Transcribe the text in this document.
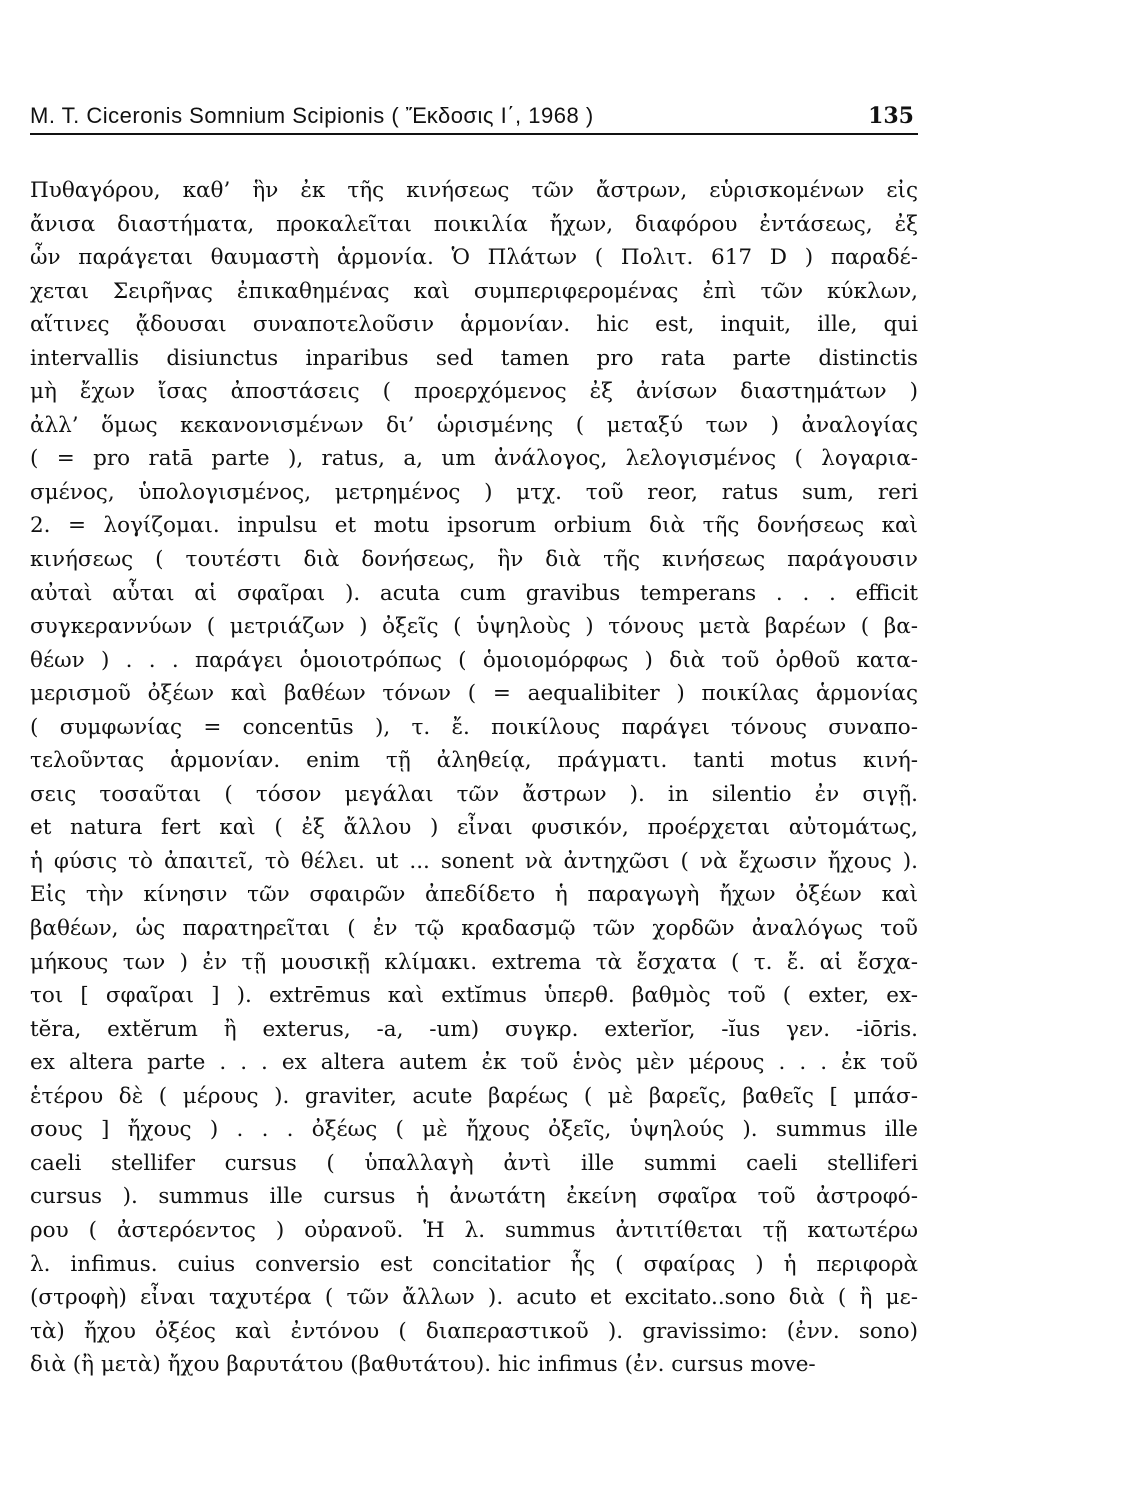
M. T. Ciceronis Somnium Scipionis ( Ἔκδοσις Ι΄, 1968 )	135
Πυθαγόρου, καθ’ ἣν ἐκ τῆς κινήσεως τῶν ἄστρων, εὑρισκομένων εἰς
ἄνισα διαστήματα, προκαλεῖται ποικιλία ἤχων, διαφόρου ἐντάσεως, ἐξ
ὧν παράγεται θαυμαστὴ ἁρμονία. Ὁ Πλάτων ( Πολιτ. 617 D ) παραδέ-
χεται Σειρῆνας ἐπικαθημένας καὶ συμπεριφερομένας ἐπὶ τῶν κύκλων,
αἵτινες ᾄδουσαι συναποτελοῦσιν ἁρμονίαν. hic est, inquit, ille, qui
intervallis disiunctus inparibus sed tamen pro rata parte distinctis
μὴ ἔχων ἴσας ἀποστάσεις ( προερχόμενος ἐξ ἀνίσων διαστημάτων )
ἀλλ’ ὅμως κεκανονισμένων δι’ ὡρισμένης ( μεταξύ των ) ἀναλογίας
( = pro ratā parte ), ratus, a, um ἀνάλογος, λελογισμένος ( λογαρια-
σμένος, ὑπολογισμένος, μετρημένος ) μτχ. τοῦ reor, ratus sum, reri
2. = λογίζομαι. inpulsu et motu ipsorum orbium διὰ τῆς δονήσεως καὶ
κινήσεως ( τουτέστι διὰ δονήσεως, ἣν διὰ τῆς κινήσεως παράγουσιν
αὐταὶ αὗται αἱ σφαῖραι ). acuta cum gravibus temperans . . . efficit
συγκεραννύων ( μετριάζων ) ὀξεῖς ( ὑψηλοὺς ) τόνους μετὰ βαρέων ( βα-
θέων ) . . . παράγει ὁμοιοτρόπως ( ὁμοιομόρφως ) διὰ τοῦ ὀρθοῦ κατα-
μερισμοῦ ὀξέων καὶ βαθέων τόνων ( = aequalibiter ) ποικίλας ἁρμονίας
( συμφωνίας = concentūs ), τ. ἔ. ποικίλους παράγει τόνους συναπο-
τελοῦντας ἁρμονίαν. enim τῇ ἀληθείᾳ, πράγματι. tanti motus κινή-
σεις τοσαῦται ( τόσον μεγάλαι τῶν ἄστρων ). in silentio ἐν σιγῇ.
et natura fert καὶ ( ἐξ ἄλλου ) εἶναι φυσικόν, προέρχεται αὐτομάτως,
ἡ φύσις τὸ ἀπαιτεῖ, τὸ θέλει. ut ... sonent νὰ ἀντηχῶσι ( νὰ ἔχωσιν ἤχους ).
Εἰς τὴν κίνησιν τῶν σφαιρῶν ἀπεδίδετο ἡ παραγωγὴ ἤχων ὀξέων καὶ
βαθέων, ὡς παρατηρεῖται ( ἐν τῷ κραδασμῷ τῶν χορδῶν ἀναλόγως τοῦ
μήκους των ) ἐν τῇ μουσικῇ κλίμακι. extrema τὰ ἔσχατα ( τ. ἔ. αἱ ἔσχα-
τοι [ σφαῖραι ] ). extrēmus καὶ extĭmus ὑπερθ. βαθμὸς τοῦ ( exter, ex-
tĕra, extĕrum ἢ exterus, -a, -um) συγκρ. exterĭor, -ĭus γεν. -iōris.
ex altera parte . . . ex altera autem ἐκ τοῦ ἑνὸς μὲν μέρους . . . ἐκ τοῦ
ἑτέρου δὲ ( μέρους ). graviter, acute βαρέως ( μὲ βαρεῖς, βαθεῖς [ μπάσ-
σους ] ἤχους ) . . . ὀξέως ( μὲ ἤχους ὀξεῖς, ὑψηλούς ). summus ille
caeli stellifer cursus ( ὑπαλλαγὴ ἀντὶ ille summi caeli stelliferi
cursus ). summus ille cursus ἡ ἀνωτάτη ἐκείνη σφαῖρα τοῦ ἀστροφό-
ρου ( ἀστερόεντος ) οὐρανοῦ. Ἡ λ. summus ἀντιτίθεται τῇ κατωτέρω
λ. infimus. cuius conversio est concitatior ἧς ( σφαίρας ) ἡ περιφορὰ
(στροφὴ) εἶναι ταχυτέρα ( τῶν ἄλλων ). acuto et excitato..sono διὰ ( ἢ με-
τὰ) ἤχου ὀξέος καὶ ἐντόνου ( διαπεραστικοῦ ). gravissimo: (ἐνν. sono)
διὰ (ἢ μετὰ) ἤχου βαρυτάτου (βαθυτάτου). hic infimus (ἐν. cursus move-
